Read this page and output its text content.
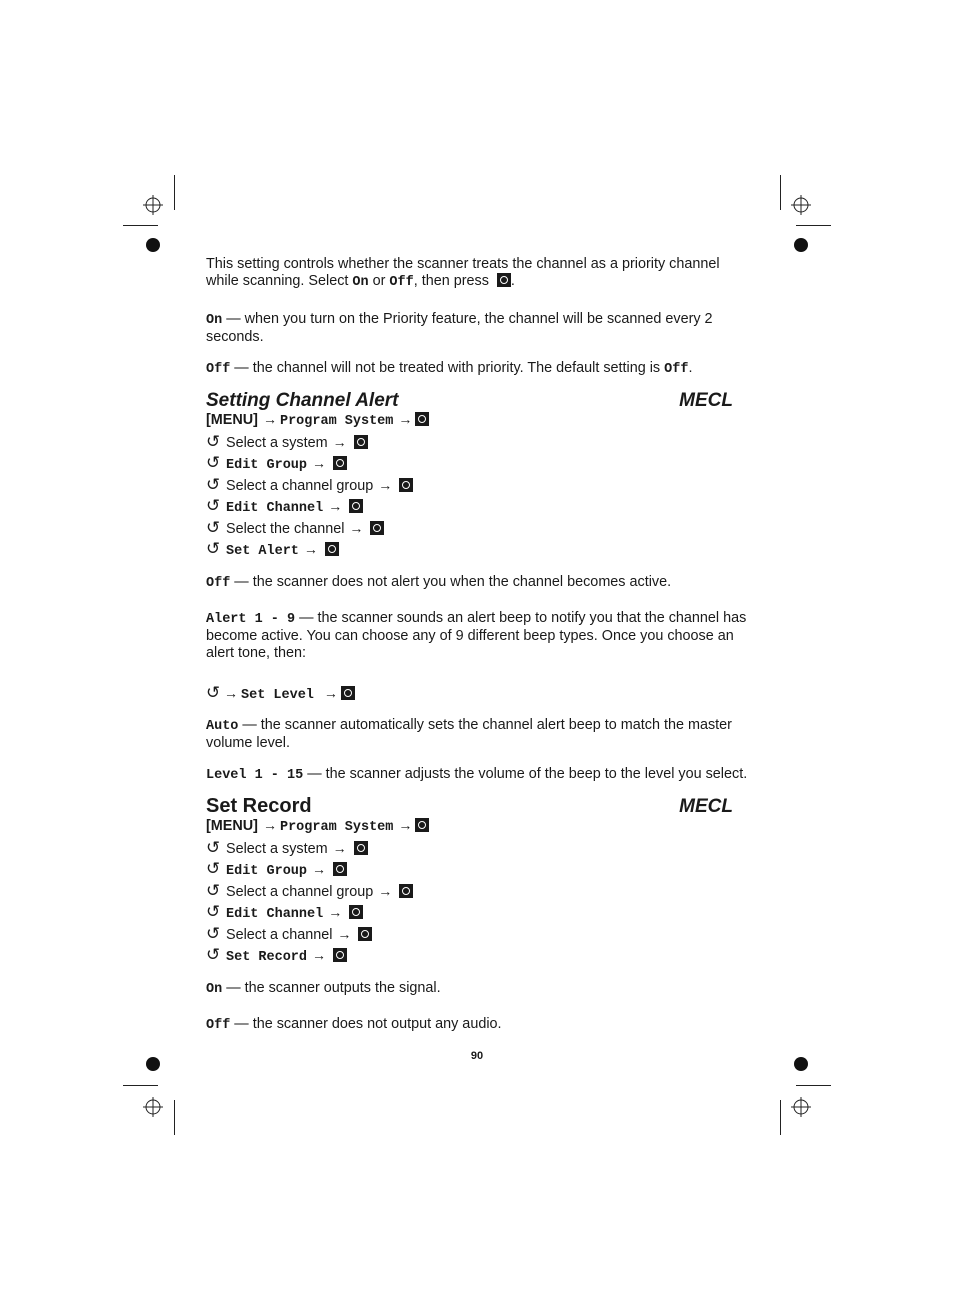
This setting controls whether the scanner treats the channel as a priority channel
while scanning. Select On or Off, then press .

On — when you turn on the Priority feature, the channel will be scanned every 2 seconds.

Off — the channel will not be treated with priority. The default setting is Off.

Setting Channel Alert	MECL
[MENU] → Program System →
↺ Select a system →
↺ Edit Group →
↺ Select a channel group →
↺ Edit Channel →
↺ Select the channel →
↺ Set Alert →

Off — the scanner does not alert you when the channel becomes active.

Alert 1 - 9 — the scanner sounds an alert beep to notify you that the channel has become active. You can choose any of 9 different beep types. Once you choose an alert tone, then:

↺ → Set Level →

Auto — the scanner automatically sets the channel alert beep to match the master volume level.

Level 1 - 15 — the scanner adjusts the volume of the beep to the level you select.

Set Record	MECL
[MENU] → Program System →
↺ Select a system →
↺ Edit Group →
↺ Select a channel group →
↺ Edit Channel →
↺ Select a channel →
↺ Set Record →

On — the scanner outputs the signal.

Off — the scanner does not output any audio.

90
